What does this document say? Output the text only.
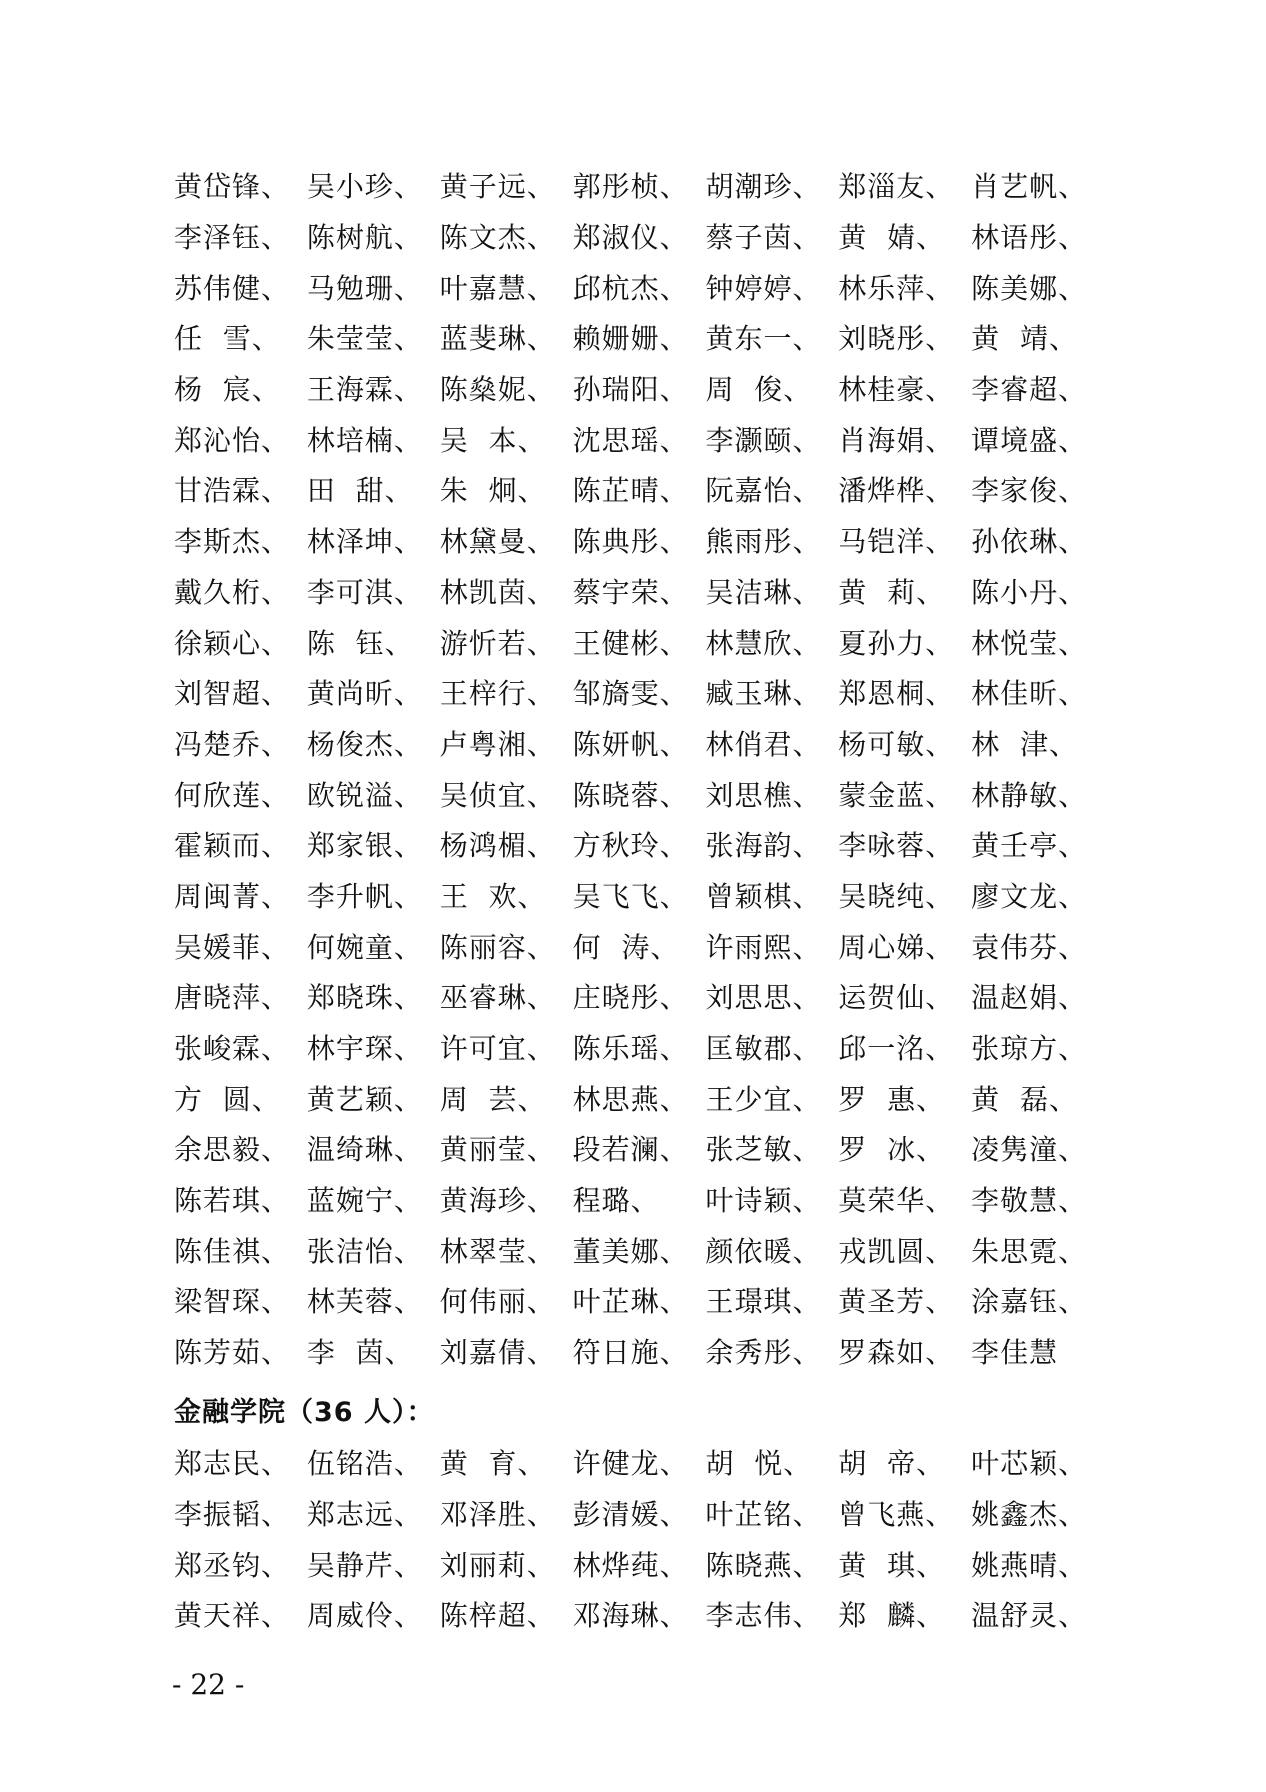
黄岱锋、 吴小珍、 黄子远、 郭彤桢、 胡潮珍、 郑淄友、 肖艺帆、
李泽钰、 陈树航、 陈文杰、 郑淑仪、 蔡子茵、 黄  婧、 林语彤、
苏伟健、 马勉珊、 叶嘉慧、 邱杭杰、 钟婷婷、 林乐萍、 陈美娜、
任  雪、 朱莹莹、 蓝斐琳、 赖姗姗、 黄东一、 刘晓彤、 黄  靖、
杨  宸、 王海霖、 陈燊妮、 孙瑞阳、 周  俊、 林桂豪、 李睿超、
郑沁怡、 林培楠、 吴  本、 沈思瑶、 李灏颐、 肖海娟、 谭境盛、
甘浩霖、 田  甜、 朱  炯、 陈芷晴、 阮嘉怡、 潘烨桦、 李家俊、
李斯杰、 林泽坤、 林黛曼、 陈典彤、 熊雨彤、 马铠洋、 孙依琳、
戴久桁、 李可淇、 林凯茵、 蔡宇荣、 吴洁琳、 黄  莉、 陈小丹、
徐颖心、 陈  钰、 游忻若、 王健彬、 林慧欣、 夏孙力、 林悦莹、
刘智超、 黄尚昕、 王梓行、 邹旖雯、 臧玉琳、 郑恩桐、 林佳昕、
冯楚乔、 杨俊杰、 卢粤湘、 陈妍帆、 林俏君、 杨可敏、 林  津、
何欣莲、 欧锐溢、 吴侦宜、 陈晓蓉、 刘思樵、 蒙金蓝、 林静敏、
霍颖而、 郑家银、 杨鸿楣、 方秋玲、 张海韵、 李咏蓉、 黄壬亭、
周闽菁、 李升帆、 王  欢、 吴飞飞、 曾颖棋、 吴晓纯、 廖文龙、
吴媛菲、 何婉童、 陈丽容、 何  涛、 许雨熙、 周心娣、 袁伟芬、
唐晓萍、 郑晓珠、 巫睿琳、 庄晓彤、 刘思思、 运贺仙、 温赵娟、
张峻霖、 林宇琛、 许可宜、 陈乐瑶、 匡敏郡、 邱一洺、 张琼方、
方  圆、 黄艺颖、 周  芸、 林思燕、 王少宜、 罗  惠、 黄  磊、
余思毅、 温绮琳、 黄丽莹、 段若澜、 张芝敏、 罗  冰、 凌隽潼、
陈若琪、 蓝婉宁、 黄海珍、 程璐、	叶诗颖、 莫荣华、 李敬慧、
陈佳祺、 张洁怡、 林翠莹、 董美娜、 颜依暖、 戎凯圆、 朱思霓、
梁智琛、 林芙蓉、 何伟丽、 叶芷琳、 王璟琪、 黄圣芳、 涂嘉钰、
陈芳茹、 李  茵、 刘嘉倩、 符日施、 余秀彤、 罗森如、 李佳慧
金融学院（36 人）：
郑志民、 伍铭浩、 黄  育、 许健龙、 胡  悦、 胡  帝、 叶芯颖、
李振韬、 郑志远、 邓泽胜、 彭清媛、 叶芷铭、 曾飞燕、 姚鑫杰、
郑丞钧、 吴静芹、 刘丽莉、 林烨莼、 陈晓燕、 黄  琪、 姚燕晴、
黄天祥、 周威伶、 陈梓超、 邓海琳、 李志伟、 郑  麟、 温舒灵、
- 22 -
